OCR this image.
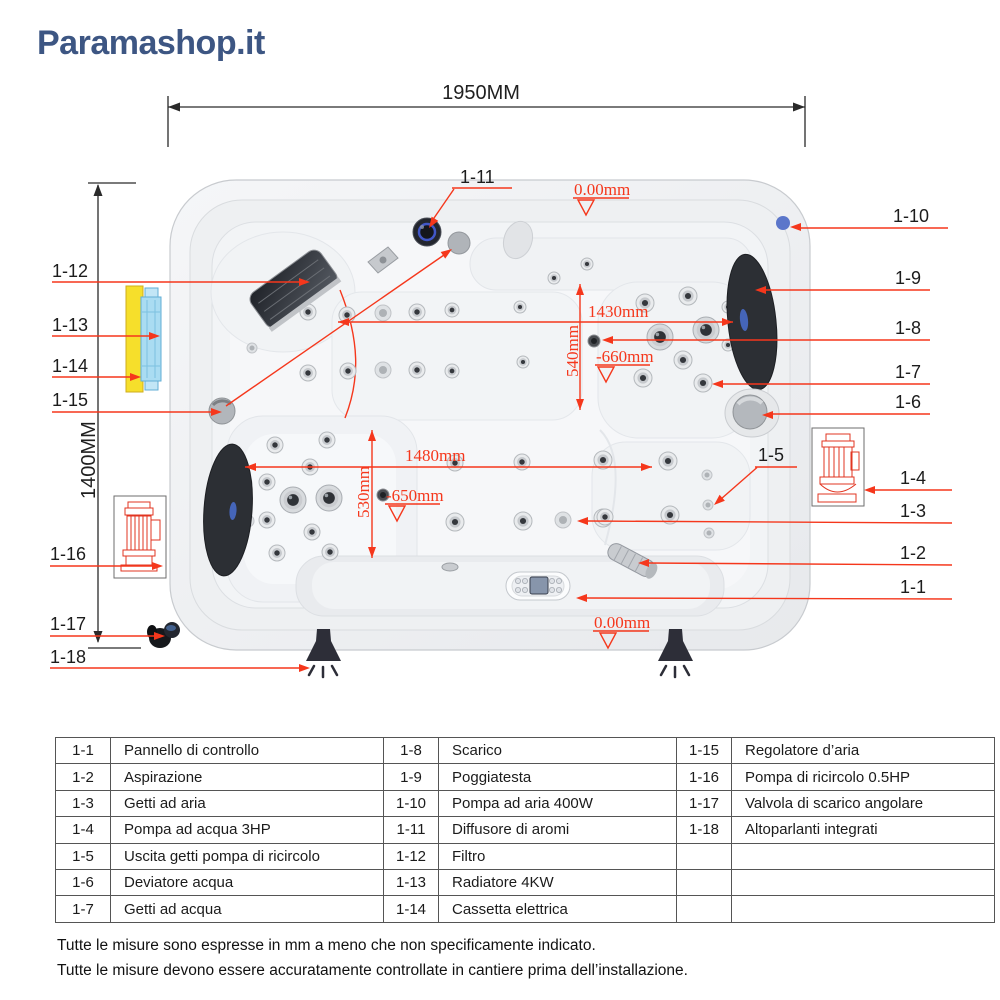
Paramashop.it
1950MM
1400MM
1430mm
540mm -660mm
1480mm
530mm -650mm
0.00mm
0.00mm
1-12
1-13
1-14
1-15
1-16
1-17
1-18
1-10
1-9
1-8
1-7
1-6
1-4
1-3
1-2
1-1
1-11
1-5
1-1	Pannello di controllo	1-8	Scarico	1-15	Regolatore d’aria
1-2	Aspirazione	1-9	Poggiatesta	1-16	Pompa di ricircolo 0.5HP
1-3	Getti ad aria	1-10	Pompa ad aria 400W	1-17	Valvola di scarico angolare
1-4	Pompa ad acqua 3HP	1-11	Diffusore di aromi	1-18	Altoparlanti integrati
1-5	Uscita getti pompa di ricircolo	1-12	Filtro		
1-6	Deviatore acqua	1-13	Radiatore 4KW		
1-7	Getti ad acqua	1-14	Cassetta elettrica		
Tutte le misure sono espresse in mm a meno che non specificamente indicato.
Tutte le misure devono essere accuratamente controllate in cantiere prima dell’installazione.
